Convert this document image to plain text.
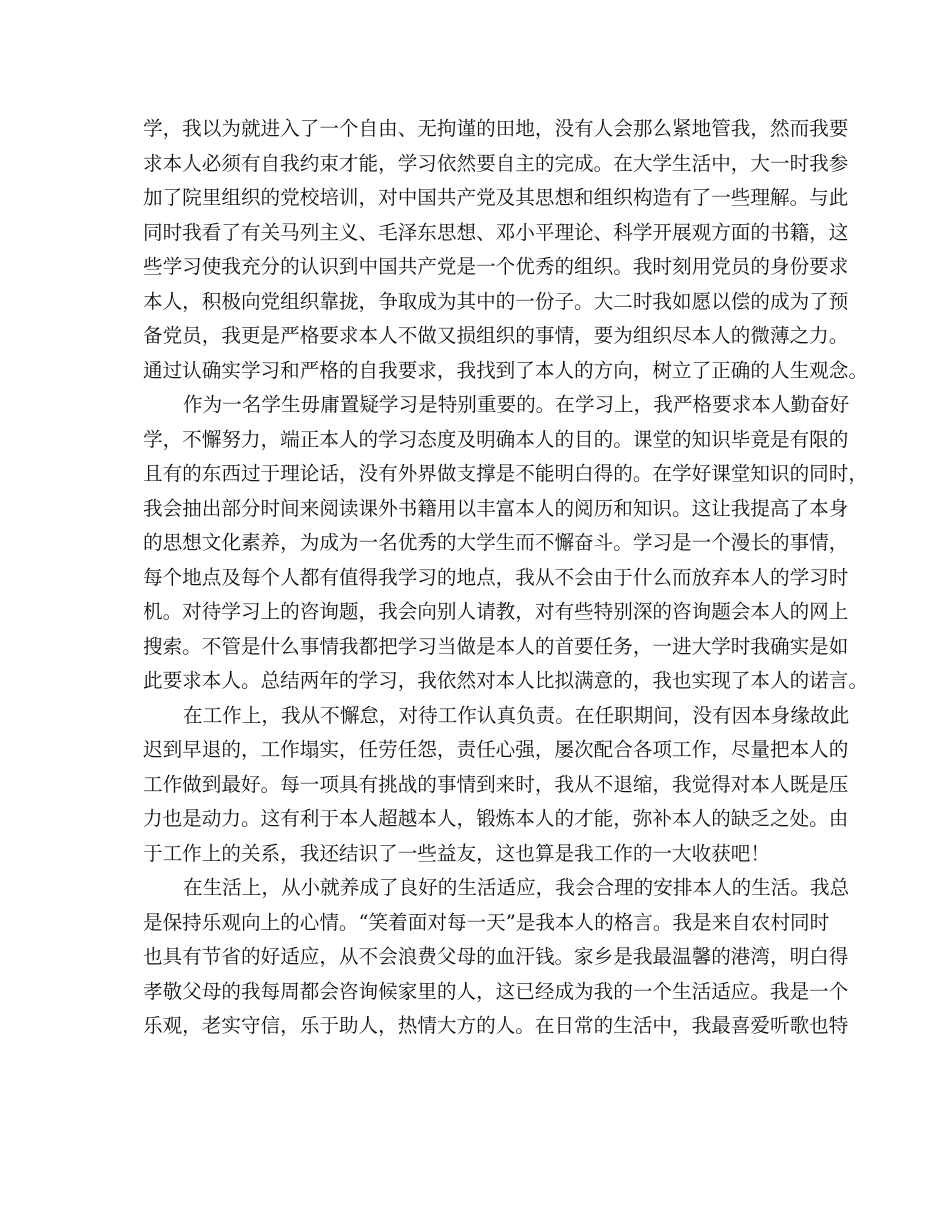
学，我以为就进入了一个自由、无拘谨的田地，没有人会那么紧地管我，然而我要
求本人必须有自我约束才能，学习依然要自主的完成。在大学生活中，大一时我参
加了院里组织的党校培训，对中国共产党及其思想和组织构造有了一些理解。与此
同时我看了有关马列主义、毛泽东思想、邓小平理论、科学开展观方面的书籍，这
些学习使我充分的认识到中国共产党是一个优秀的组织。我时刻用党员的身份要求
本人，积极向党组织靠拢，争取成为其中的一份子。大二时我如愿以偿的成为了预
备党员，我更是严格要求本人不做又损组织的事情，要为组织尽本人的微薄之力。
通过认确实学习和严格的自我要求，我找到了本人的方向，树立了正确的人生观念。
作为一名学生毋庸置疑学习是特别重要的。在学习上，我严格要求本人勤奋好
学，不懈努力，端正本人的学习态度及明确本人的目的。课堂的知识毕竟是有限的
且有的东西过于理论话，没有外界做支撑是不能明白得的。在学好课堂知识的同时，
我会抽出部分时间来阅读课外书籍用以丰富本人的阅历和知识。这让我提高了本身
的思想文化素养，为成为一名优秀的大学生而不懈奋斗。学习是一个漫长的事情，
每个地点及每个人都有值得我学习的地点，我从不会由于什么而放弃本人的学习时
机。对待学习上的咨询题，我会向别人请教，对有些特别深的咨询题会本人的网上
搜索。不管是什么事情我都把学习当做是本人的首要任务，一进大学时我确实是如
此要求本人。总结两年的学习，我依然对本人比拟满意的，我也实现了本人的诺言。
在工作上，我从不懈怠，对待工作认真负责。在任职期间，没有因本身缘故此
迟到早退的，工作塌实，任劳任怨，责任心强，屡次配合各项工作，尽量把本人的
工作做到最好。每一项具有挑战的事情到来时，我从不退缩，我觉得对本人既是压
力也是动力。这有利于本人超越本人，锻炼本人的才能，弥补本人的缺乏之处。由
于工作上的关系，我还结识了一些益友，这也算是我工作的一大收获吧！
在生活上，从小就养成了良好的生活适应，我会合理的安排本人的生活。我总
是保持乐观向上的心情。“笑着面对每一天”是我本人的格言。我是来自农村同时
也具有节省的好适应，从不会浪费父母的血汗钱。家乡是我最温馨的港湾，明白得
孝敬父母的我每周都会咨询候家里的人，这已经成为我的一个生活适应。我是一个
乐观，老实守信，乐于助人，热情大方的人。在日常的生活中，我最喜爱听歌也特
